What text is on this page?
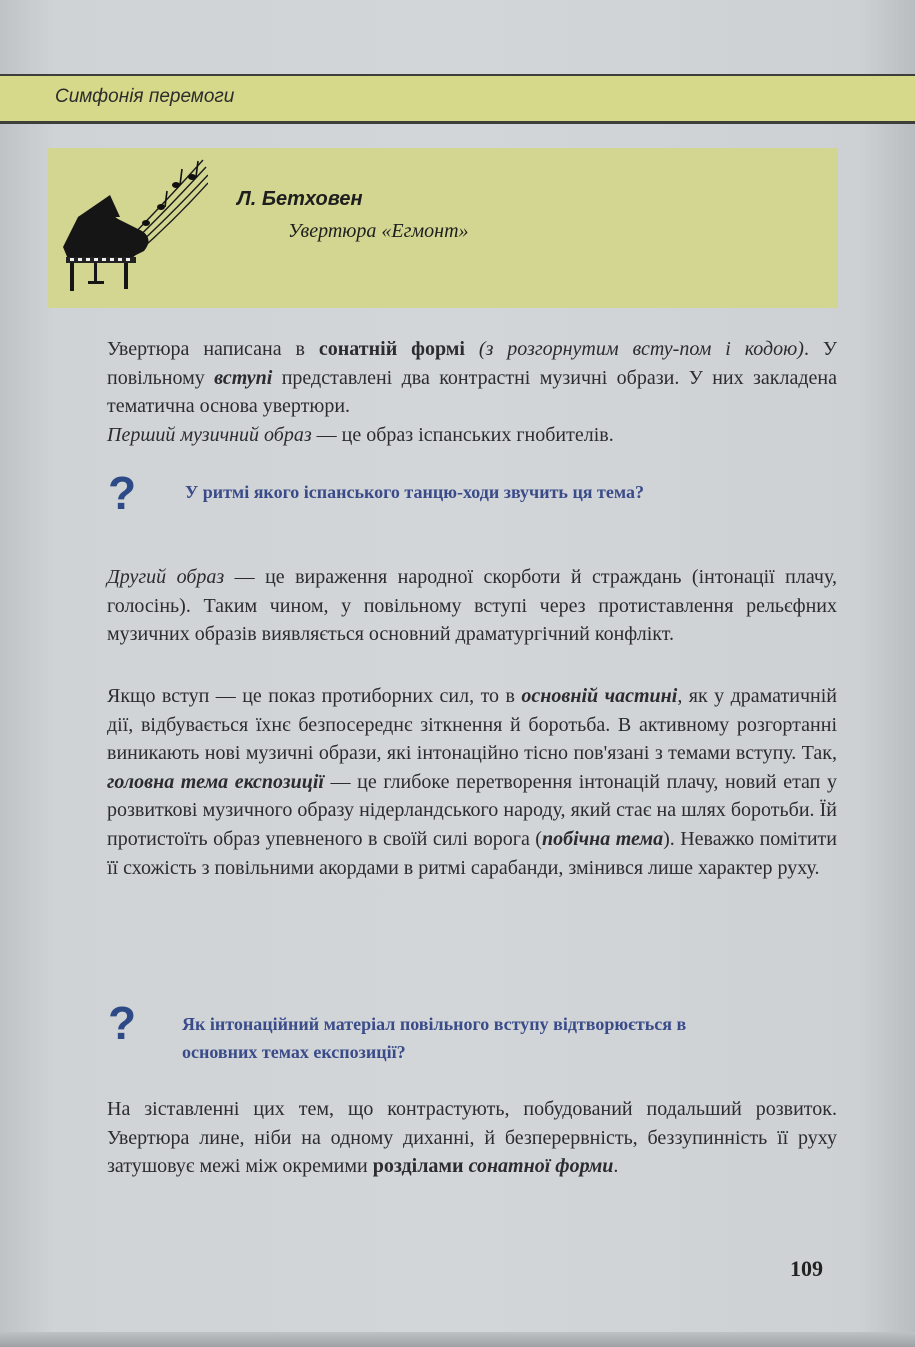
Симфонія перемоги
Л. Бетховен
Увертюра «Егмонт»
Увертюра написана в сонатній формі (з розгорнутим всту-пом і кодою). У повільному вступі представлені два контрастні музичні образи. У них закладена тематична основа увертюри.
Перший музичний образ — це образ іспанських гнобителів.
?	У ритмі якого іспанського танцю-ходи звучить ця тема?
Другий образ — це вираження народної скорботи й страждань (інтонації плачу, голосінь). Таким чином, у повільному вступі через протиставлення рельєфних музичних образів виявляється основний драматургічний конфлікт.
Якщо вступ — це показ протиборних сил, то в основній частині, як у драматичній дії, відбувається їхнє безпосереднє зіткнення й боротьба. В активному розгортанні виникають нові музичні образи, які інтонаційно тісно пов'язані з темами вступу. Так, головна тема експозиції — це глибоке перетворення інтонацій плачу, новий етап у розвиткові музичного образу нідерландського народу, який стає на шлях боротьби. Їй протистоїть образ упевненого в своїй силі ворога (побічна тема). Неважко помітити її схожість з повільними акордами в ритмі сарабанди, змінився лише характер руху.
?	Як інтонаційний матеріал повільного вступу відтворюється в основних темах експозиції?
На зіставленні цих тем, що контрастують, побудований подальший розвиток. Увертюра лине, ніби на одному диханні, й безперервність, беззупинність її руху затушовує межі між окремими розділами сонатної форми.
109
